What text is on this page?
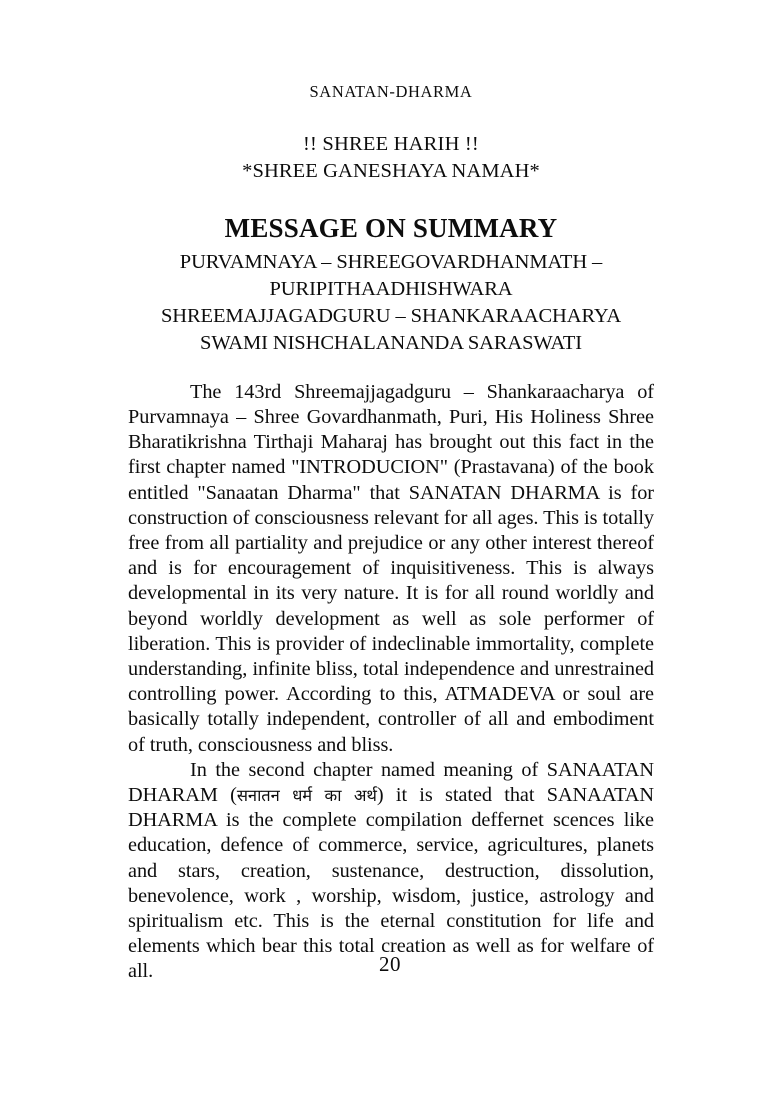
SANATAN-DHARMA
!! SHREE HARIH !!
*SHREE GANESHAYA NAMAH*
MESSAGE ON SUMMARY
PURVAMNAYA – SHREEGOVARDHANMATH –
PURIPITHAADHISHWARA
SHREEMAJJAGADGURU – SHANKARAACHARYA
SWAMI NISHCHALANANDA SARASWATI

The 143rd Shreemajjagadguru – Shankaraacharya of Purvamnaya – Shree Govardhanmath, Puri, His Holiness Shree Bharatikrishna Tirthaji Maharaj has brought out this fact in the first chapter named "INTRODUCION" (Prastavana) of the book entitled "Sanaatan Dharma" that SANATAN DHARMA is for construction of consciousness relevant for all ages. This is totally free from all partiality and prejudice or any other interest thereof and is for encouragement of inquisitiveness. This is always developmental in its very nature. It is for all round worldly and beyond worldly development as well as sole performer of liberation. This is provider of indeclinable immortality, complete understanding, infinite bliss, total independence and unrestrained controlling power. According to this, ATMADEVA or soul are basically totally independent, controller of all and embodiment of truth, consciousness and bliss.

In the second chapter named meaning of SANAATAN DHARAM (सनातन धर्म का अर्थ) it is stated that SANAATAN DHARMA is the complete compilation deffernet scences like education, defence of commerce, service, agricultures, planets and stars, creation, sustenance, destruction, dissolution, benevolence, work , worship, wisdom, justice, astrology and spiritualism etc. This is the eternal constitution for life and elements which bear this total creation as well as for welfare of all.	20
